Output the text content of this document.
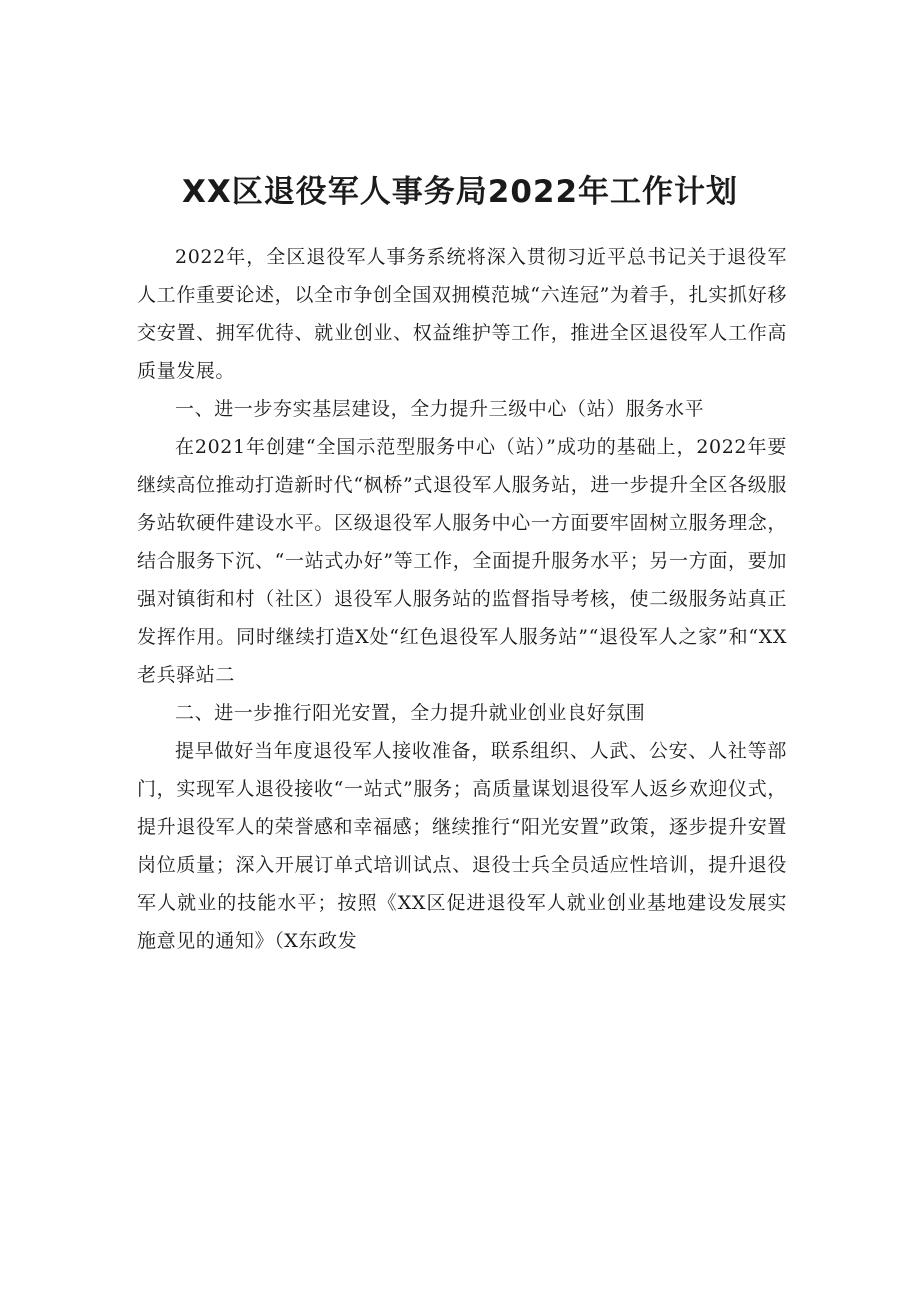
XX区退役军人事务局2022年工作计划

2022年，全区退役军人事务系统将深入贯彻习近平总书记关于退役军人工作重要论述，以全市争创全国双拥模范城“六连冠”为着手，扎实抓好移交安置、拥军优待、就业创业、权益维护等工作，推进全区退役军人工作高质量发展。

一、进一步夯实基层建设，全力提升三级中心（站）服务水平

在2021年创建“全国示范型服务中心（站）”成功的基础上，2022年要继续高位推动打造新时代“枫桥”式退役军人服务站，进一步提升全区各级服务站软硬件建设水平。区级退役军人服务中心一方面要牢固树立服务理念，结合服务下沉、“一站式办好”等工作，全面提升服务水平；另一方面，要加强对镇街和村（社区）退役军人服务站的监督指导考核，使二级服务站真正发挥作用。同时继续打造X处“红色退役军人服务站”“退役军人之家”和“XX老兵驿站二

二、进一步推行阳光安置，全力提升就业创业良好氛围

提早做好当年度退役军人接收准备，联系组织、人武、公安、人社等部门，实现军人退役接收“一站式”服务；高质量谋划退役军人返乡欢迎仪式，提升退役军人的荣誉感和幸福感；继续推行“阳光安置”政策，逐步提升安置岗位质量；深入开展订单式培训试点、退役士兵全员适应性培训，提升退役军人就业的技能水平；按照《XX区促进退役军人就业创业基地建设发展实施意见的通知》（X东政发
